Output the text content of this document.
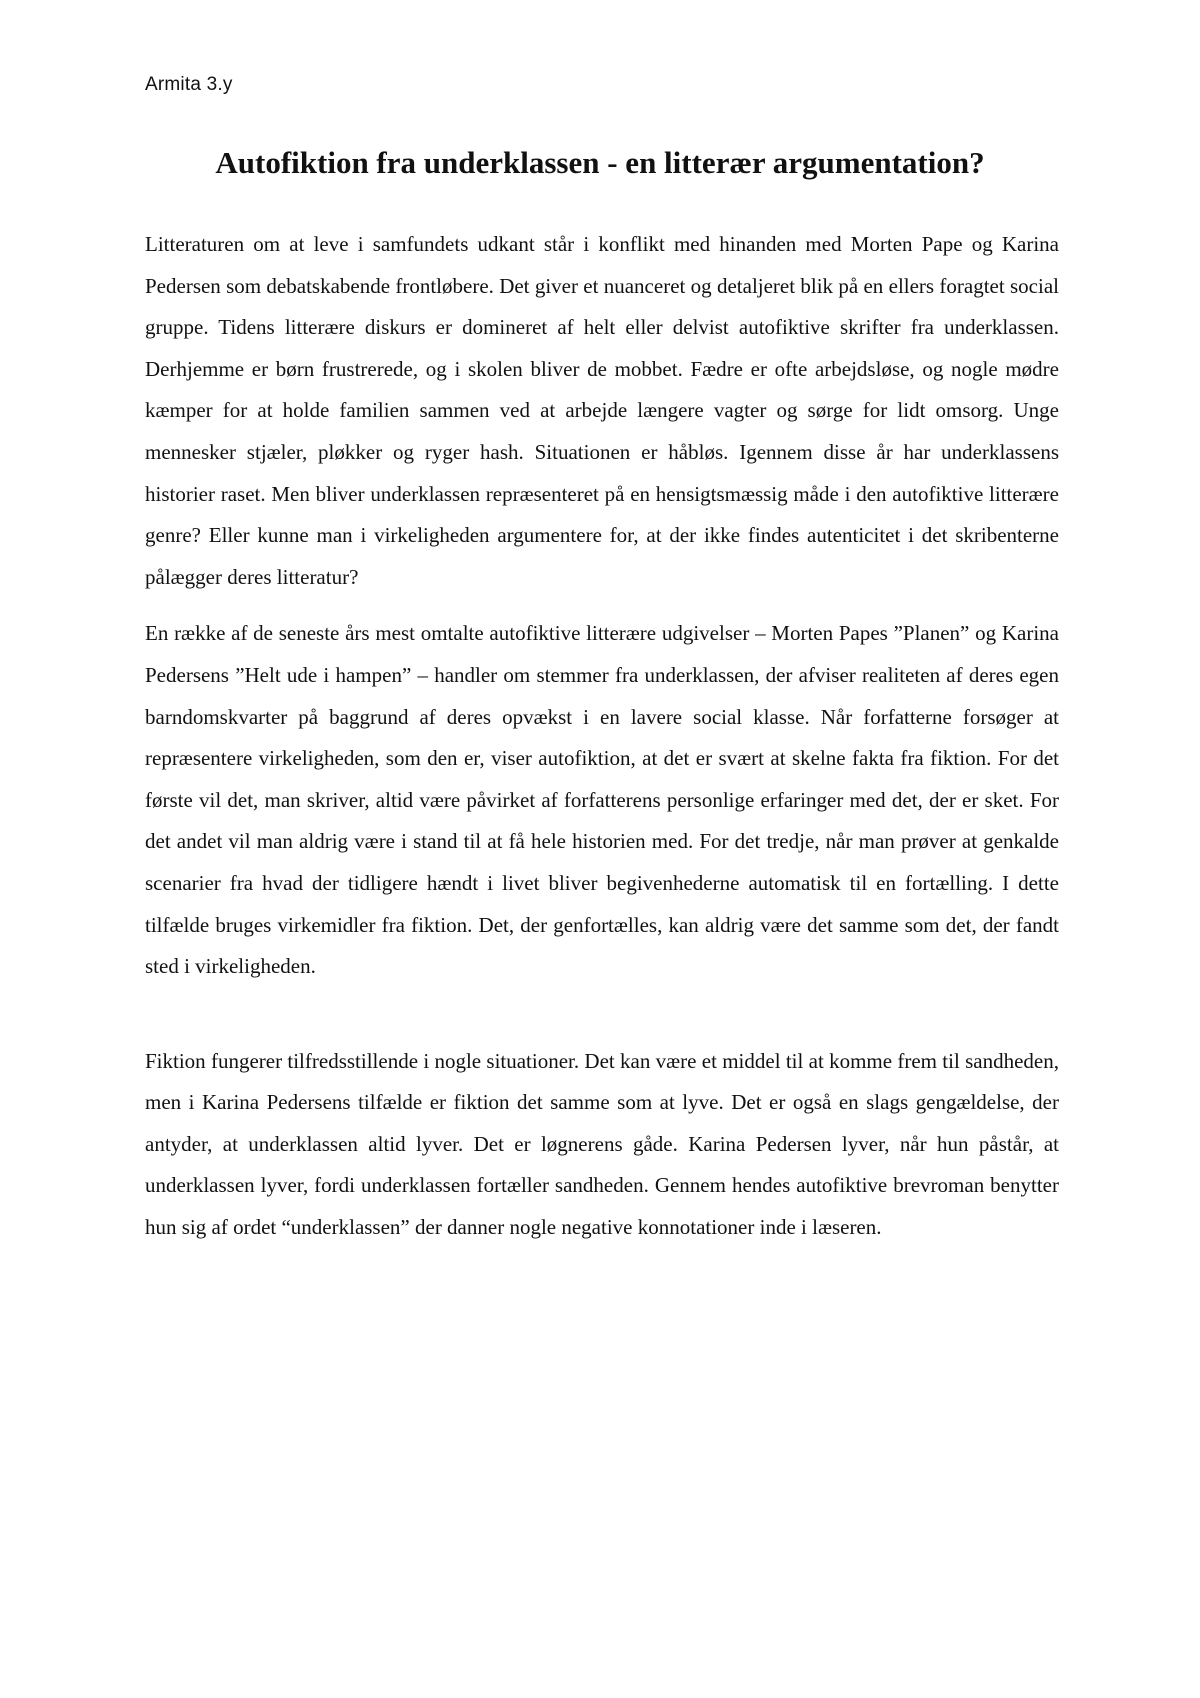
Armita 3.y
Autofiktion fra underklassen - en litterær argumentation?

Litteraturen om at leve i samfundets udkant står i konflikt med hinanden med Morten Pape og Karina Pedersen som debatskabende frontløbere. Det giver et nuanceret og detaljeret blik på en ellers foragtet social gruppe. Tidens litterære diskurs er domineret af helt eller delvist autofiktive skrifter fra underklassen. Derhjemme er børn frustrerede, og i skolen bliver de mobbet. Fædre er ofte arbejdsløse, og nogle mødre kæmper for at holde familien sammen ved at arbejde længere vagter og sørge for lidt omsorg. Unge mennesker stjæler, pløkker og ryger hash. Situationen er håbløs. Igennem disse år har underklassens historier raset. Men bliver underklassen repræsenteret på en hensigtsmæssig måde i den autofiktive litterære genre? Eller kunne man i virkeligheden argumentere for, at der ikke findes autenticitet i det skribenterne pålægger deres litteratur?

En række af de seneste års mest omtalte autofiktive litterære udgivelser – Morten Papes ”Planen” og Karina Pedersens ”Helt ude i hampen” – handler om stemmer fra underklassen, der afviser realiteten af deres egen barndomskvarter på baggrund af deres opvækst i en lavere social klasse. Når forfatterne forsøger at repræsentere virkeligheden, som den er, viser autofiktion, at det er svært at skelne fakta fra fiktion. For det første vil det, man skriver, altid være påvirket af forfatterens personlige erfaringer med det, der er sket. For det andet vil man aldrig være i stand til at få hele historien med. For det tredje, når man prøver at genkalde scenarier fra hvad der tidligere hændt i livet bliver begivenhederne automatisk til en fortælling. I dette tilfælde bruges virkemidler fra fiktion. Det, der genfortælles, kan aldrig være det samme som det, der fandt sted i virkeligheden.

Fiktion fungerer tilfredsstillende i nogle situationer. Det kan være et middel til at komme frem til sandheden, men i Karina Pedersens tilfælde er fiktion det samme som at lyve. Det er også en slags gengældelse, der antyder, at underklassen altid lyver. Det er løgnerens gåde. Karina Pedersen lyver, når hun påstår, at underklassen lyver, fordi underklassen fortæller sandheden. Gennem hendes autofiktive brevroman benytter hun sig af ordet “underklassen” der danner nogle negative konnotationer inde i læseren.
